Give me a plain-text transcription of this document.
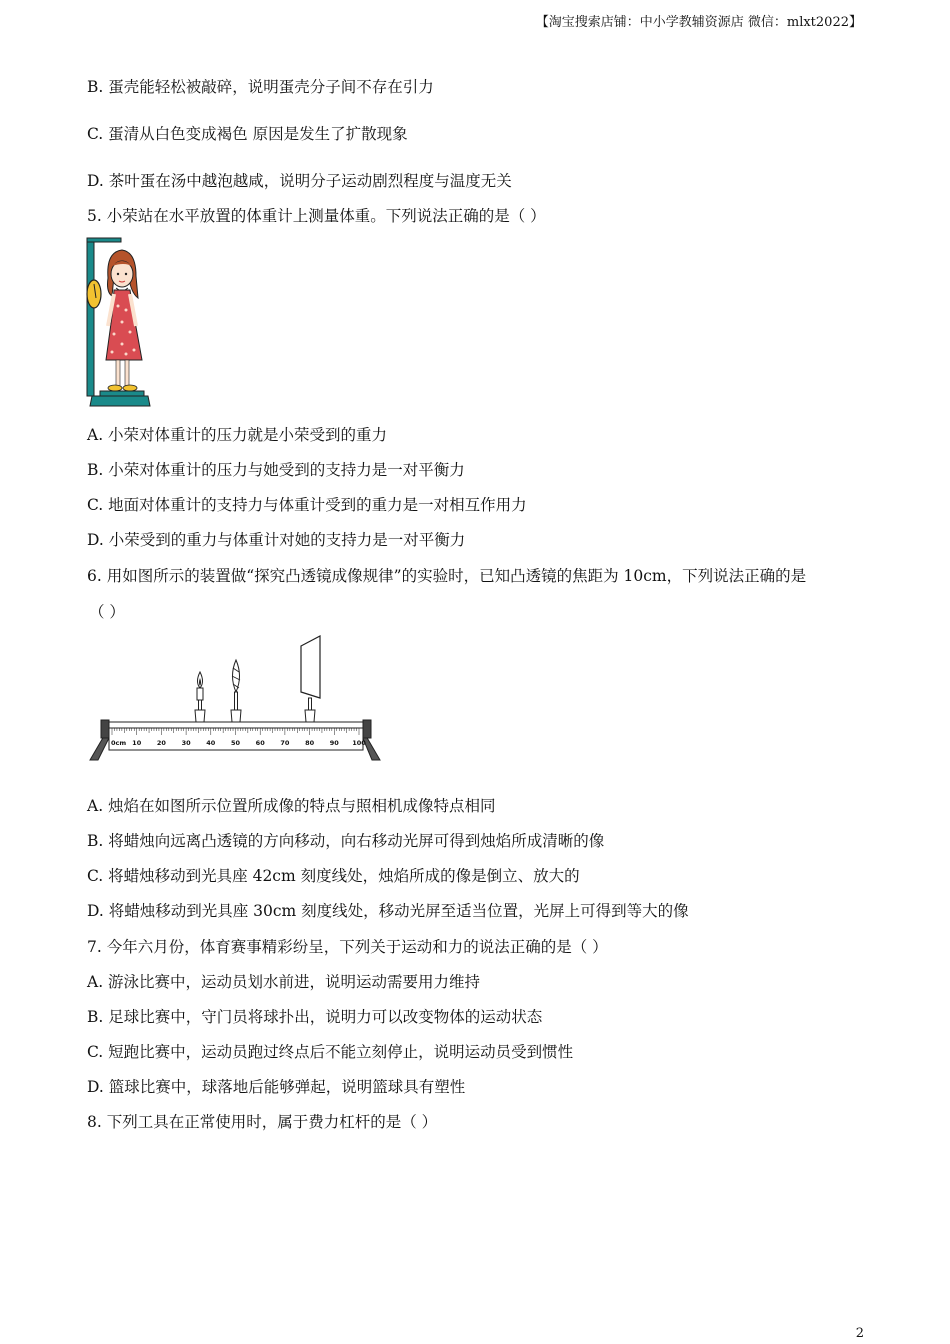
【淘宝搜索店铺：中小学教辅资源店 微信：mlxt2022】
B. 蛋壳能轻松被敲碎，说明蛋壳分子间不存在引力
C. 蛋清从白色变成褐色 原因是发生了扩散现象
D. 茶叶蛋在汤中越泡越咸，说明分子运动剧烈程度与温度无关
5. 小荣站在水平放置的体重计上测量体重。下列说法正确的是（ ）
A. 小荣对体重计的压力就是小荣受到的重力
B. 小荣对体重计的压力与她受到的支持力是一对平衡力
C. 地面对体重计的支持力与体重计受到的重力是一对相互作用力
D. 小荣受到的重力与体重计对她的支持力是一对平衡力
6. 用如图所示的装置做“探究凸透镜成像规律”的实验时，已知凸透镜的焦距为 10cm，下列说法正确的是
（ ）
0cm 10 20 30 40 50 60 70 80 90 100
A. 烛焰在如图所示位置所成像的特点与照相机成像特点相同
B. 将蜡烛向远离凸透镜的方向移动，向右移动光屏可得到烛焰所成清晰的像
C. 将蜡烛移动到光具座 42cm 刻度线处，烛焰所成的像是倒立、放大的
D. 将蜡烛移动到光具座 30cm 刻度线处，移动光屏至适当位置，光屏上可得到等大的像
7. 今年六月份，体育赛事精彩纷呈，下列关于运动和力的说法正确的是（ ）
A. 游泳比赛中，运动员划水前进，说明运动需要用力维持
B. 足球比赛中，守门员将球扑出，说明力可以改变物体的运动状态
C. 短跑比赛中，运动员跑过终点后不能立刻停止，说明运动员受到惯性
D. 篮球比赛中，球落地后能够弹起，说明篮球具有塑性
8. 下列工具在正常使用时，属于费力杠杆的是（ ）
2
